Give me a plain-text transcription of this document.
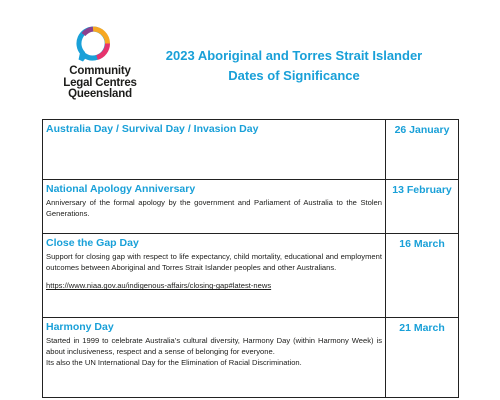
Community
Legal Centres
Queensland
2023 Aboriginal and Torres Strait Islander
Dates of Significance
Australia Day / Survival Day / Invasion Day	26 January

National Apology Anniversary
Anniversary of the formal apology by the government and Parliament of Australia to the Stolen Generations.	13 February

Close the Gap Day
Support for closing gap with respect to life expectancy, child mortality, educational and employment outcomes between Aboriginal and Torres Strait Islander peoples and other Australians.
https://www.niaa.gov.au/indigenous-affairs/closing-gap#latest-news	16 March

Harmony Day

Started in 1999 to celebrate Australia’s cultural diversity, Harmony Day (within Harmony Week) is about inclusiveness, respect and a sense of belonging for everyone.

Its also the UN International Day for the Elimination of Racial Discrimination.	21 March
